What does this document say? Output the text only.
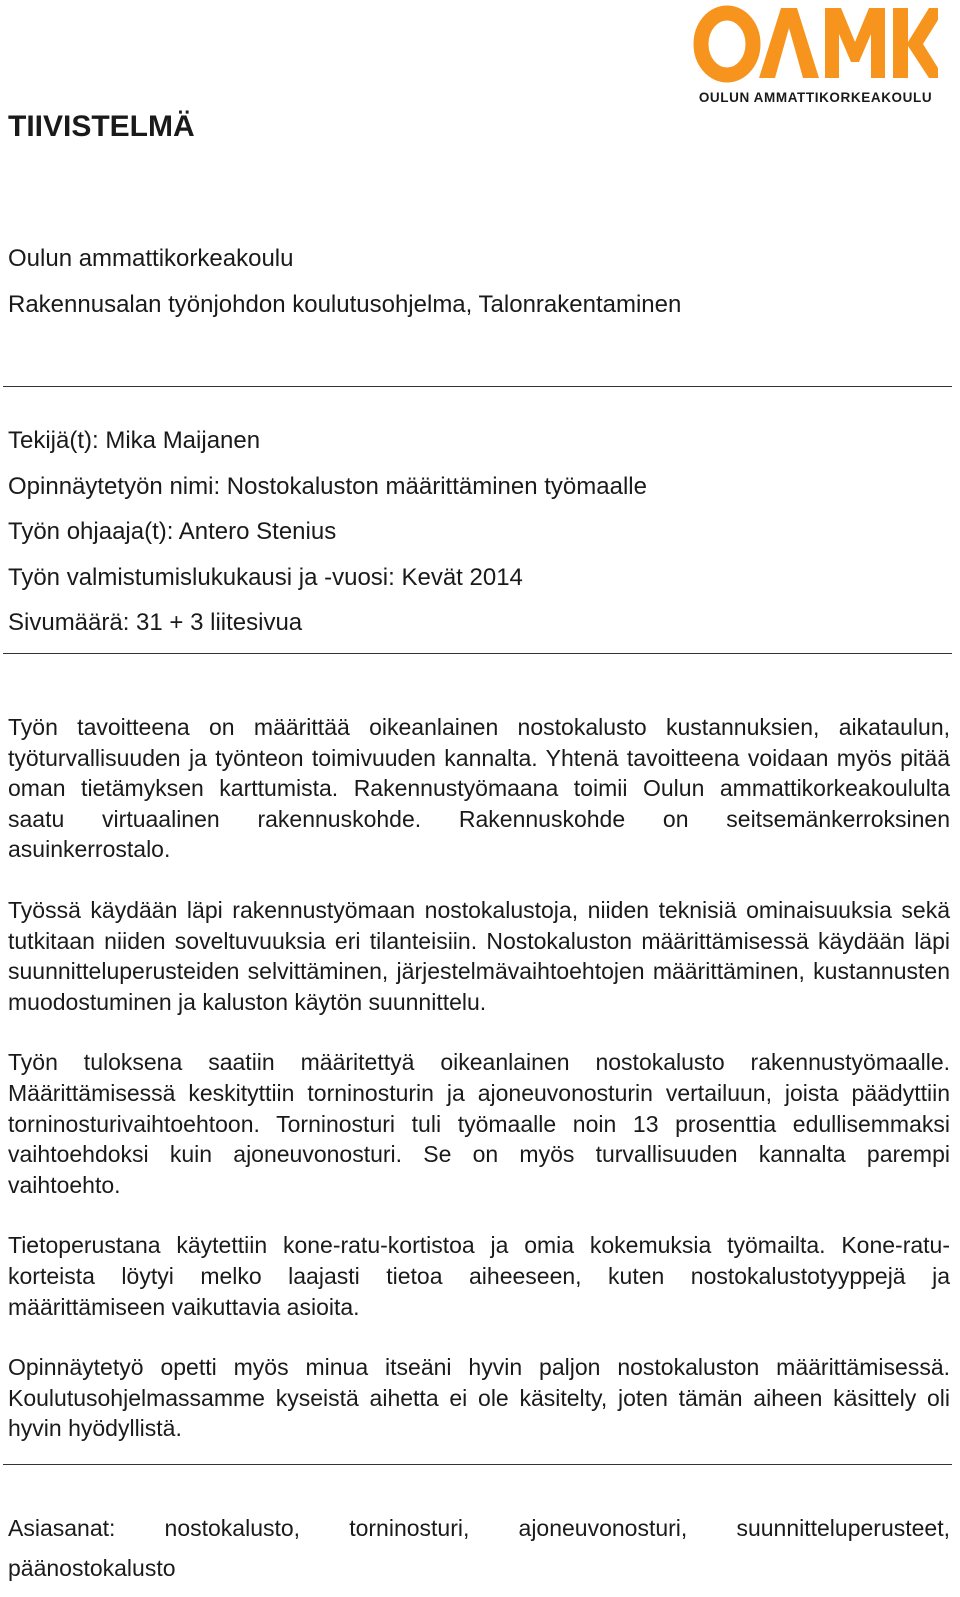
OULUN AMMATTIKORKEAKOULU
TIIVISTELMÄ

Oulun ammattikorkeakoulu

Rakennusalan työnjohdon koulutusohjelma, Talonrakentaminen

Tekijä(t): Mika Maijanen

Opinnäytetyön nimi: Nostokaluston määrittäminen työmaalle

Työn ohjaaja(t): Antero Stenius

Työn valmistumislukukausi ja -vuosi: Kevät 2014

Sivumäärä: 31 + 3 liitesivua

Työn tavoitteena on määrittää oikeanlainen nostokalusto kustannuksien, aikataulun, työturvallisuuden ja työnteon toimivuuden kannalta. Yhtenä tavoitteena voidaan myös pitää oman tietämyksen karttumista. Rakennustyömaana toimii Oulun ammattikorkeakoululta saatu virtuaalinen rakennuskohde. Rakennuskohde on seitsemänkerroksinen asuinkerrostalo.

Työssä käydään läpi rakennustyömaan nostokalustoja, niiden teknisiä ominaisuuksia sekä tutkitaan niiden soveltuvuuksia eri tilanteisiin. Nostokaluston määrittämisessä käydään läpi suunnitteluperusteiden selvittäminen, järjestelmävaihtoehtojen määrittäminen, kustannusten muodostuminen ja kaluston käytön suunnittelu.

Työn tuloksena saatiin määritettyä oikeanlainen nostokalusto rakennustyömaalle. Määrittämisessä keskityttiin torninosturin ja ajoneuvonosturin vertailuun, joista päädyttiin torninosturivaihtoehtoon. Torninosturi tuli työmaalle noin 13 prosenttia edullisemmaksi vaihtoehdoksi kuin ajoneuvonosturi. Se on myös turvallisuuden kannalta parempi vaihtoehto.

Tietoperustana käytettiin kone-ratu-kortistoa ja omia kokemuksia työmailta. Kone-ratu-korteista löytyi melko laajasti tietoa aiheeseen, kuten nostokalustotyyppejä ja määrittämiseen vaikuttavia asioita.

Opinnäytetyö opetti myös minua itseäni hyvin paljon nostokaluston määrittämisessä. Koulutusohjelmassamme kyseistä aihetta ei ole käsitelty, joten tämän aiheen käsittely oli hyvin hyödyllistä.

Asiasanat: nostokalusto, torninosturi, ajoneuvonosturi, suunnitteluperusteet, päänostokalusto
